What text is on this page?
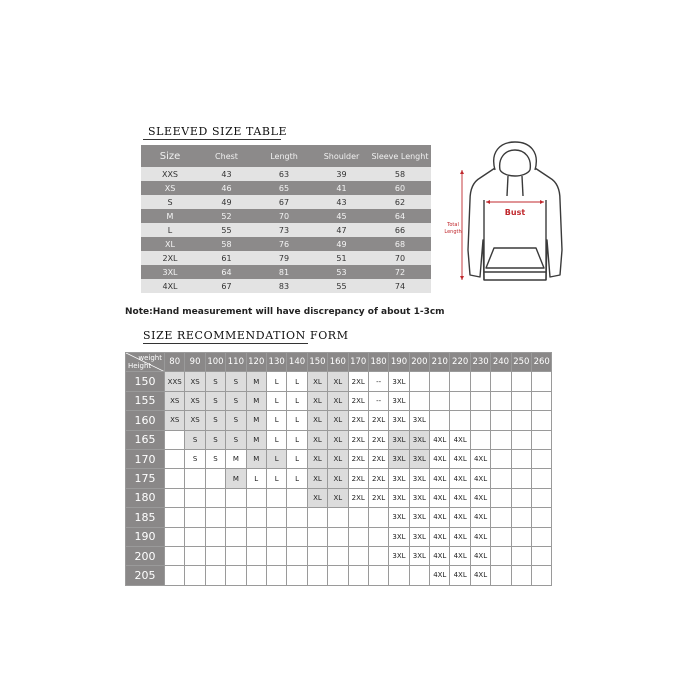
SLEEVED SIZE TABLE
Size	Chest	Length	Shoulder	Sleeve Lenght
XXS	43	63	39	58
XS	46	65	41	60
S	49	67	43	62
M	52	70	45	64
L	55	73	47	66
XL	58	76	49	68
2XL	61	79	51	70
3XL	64	81	53	72
4XL	67	83	55	74
Note:Hand measurement will have discrepancy of about 1-3cm
Bust
Total
Length
SIZE RECOMMENDATION FORM
weight
Height	80	90	100	110	120	130	140	150	160	170	180	190	200	210	220	230	240	250	260
150	XXS	XS	S	S	M	L	L	XL	XL	2XL	--	3XL							
155	XS	XS	S	S	M	L	L	XL	XL	2XL	--	3XL							
160	XS	XS	S	S	M	L	L	XL	XL	2XL	2XL	3XL	3XL						
165		S	S	S	M	L	L	XL	XL	2XL	2XL	3XL	3XL	4XL	4XL				
170		S	S	M	M	L	L	XL	XL	2XL	2XL	3XL	3XL	4XL	4XL	4XL			
175				M	L	L	L	XL	XL	2XL	2XL	3XL	3XL	4XL	4XL	4XL			
180								XL	XL	2XL	2XL	3XL	3XL	4XL	4XL	4XL			
185												3XL	3XL	4XL	4XL	4XL			
190												3XL	3XL	4XL	4XL	4XL			
200												3XL	3XL	4XL	4XL	4XL			
205														4XL	4XL	4XL			
